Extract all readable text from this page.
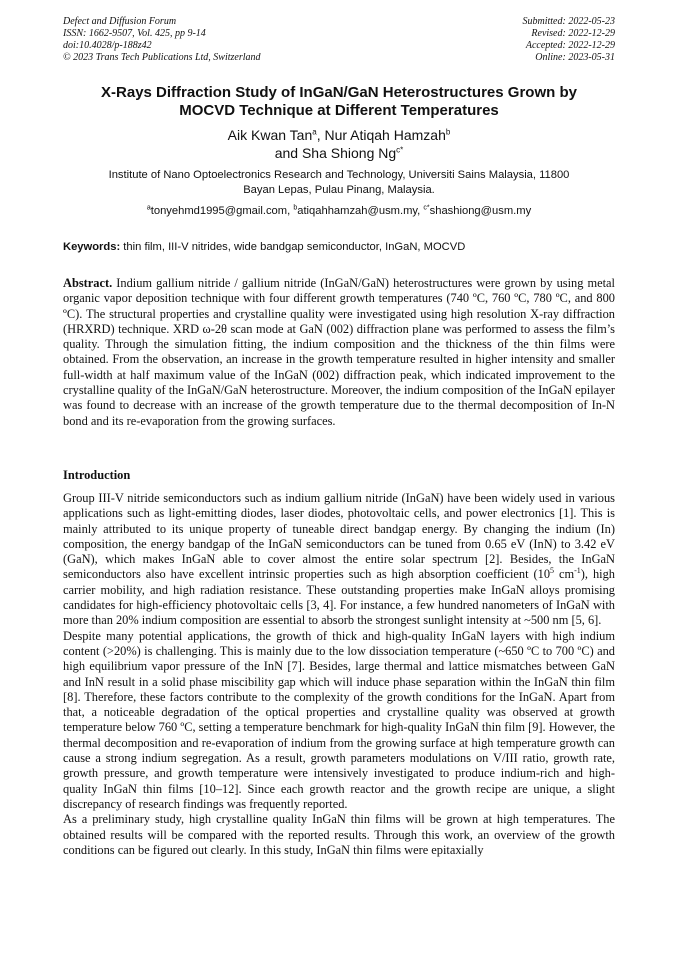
Defect and Diffusion Forum
ISSN: 1662-9507, Vol. 425, pp 9-14
doi:10.4028/p-188z42
© 2023 Trans Tech Publications Ltd, Switzerland
Submitted: 2022-05-23
Revised: 2022-12-29
Accepted: 2022-12-29
Online: 2023-05-31
X-Rays Diffraction Study of InGaN/GaN Heterostructures Grown by
MOCVD Technique at Different Temperatures
Aik Kwan Tan$^a$, Nur Atiqah Hamzah$^b$
and Sha Shiong $Ng^{c*}$
Institute of Nano Optoelectronics Research and Technology, Universiti Sains Malaysia, 11800
Bayan Lepas, Pulau Pinang, Malaysia.
$^a$tonyehmd1995@gmail.com, $^b$atiqahhamzah@usm.my, $^{c*}$shashiong@usm.my
Keywords: thin film, III-V nitrides, wide bandgap semiconductor, InGaN, MOCVD

Abstract. Indium gallium nitride / gallium nitride (InGaN/GaN) heterostructures were grown by using metal organic vapor deposition technique with four different growth temperatures (740 ºC, 760 ºC, 780 ºC, and 800 ºC). The structural properties and crystalline quality were investigated using high resolution X-ray diffraction (HRXRD) technique. XRD ω-2θ scan mode at GaN (002) diffraction plane was performed to assess the film’s quality. Through the simulation fitting, the indium composition and the thickness of the thin films were obtained. From the observation, an increase in the growth temperature resulted in higher intensity and smaller full-width at half maximum value of the InGaN (002) diffraction peak, which indicated improvement to the crystalline quality of the InGaN/GaN heterostructure. Moreover, the indium composition of the InGaN epilayer was found to decrease with an increase of the growth temperature due to the thermal decomposition of In-N bond and its re-evaporation from the growing surfaces.

Introduction

Group III-V nitride semiconductors such as indium gallium nitride (InGaN) have been widely used in various applications such as light-emitting diodes, laser diodes, photovoltaic cells, and power electronics [1]. This is mainly attributed to its unique property of tuneable direct bandgap energy. By changing the indium (In) composition, the energy bandgap of the InGaN semiconductors can be tuned from 0.65 eV (InN) to 3.42 eV (GaN), which makes InGaN able to cover almost the entire solar spectrum [2]. Besides, the InGaN semiconductors also have excellent intrinsic properties such as high absorption coefficient ($10^5$ $cm^{-1}$), high carrier mobility, and high radiation resistance. These outstanding properties make InGaN alloys promising candidates for high-efficiency photovoltaic cells [3, 4]. For instance, a few hundred nanometers of InGaN with more than 20% indium composition are essential to absorb the strongest sunlight intensity at ~500 nm [5, 6].

Despite many potential applications, the growth of thick and high-quality InGaN layers with high indium content (>20%) is challenging. This is mainly due to the low dissociation temperature (~650 ºC to 700 ºC) and high equilibrium vapor pressure of the InN [7]. Besides, large thermal and lattice mismatches between GaN and InN result in a solid phase miscibility gap which will induce phase separation within the InGaN thin film [8]. Therefore, these factors contribute to the complexity of the growth conditions for the InGaN. Apart from that, a noticeable degradation of the optical properties and crystalline quality was observed at growth temperature below 760 ºC, setting a temperature benchmark for high-quality InGaN thin film [9]. However, the thermal decomposition and re-evaporation of indium from the growing surface at high temperature growth can cause a strong indium segregation. As a result, growth parameters modulations on V/III ratio, growth rate, growth pressure, and growth temperature were intensively investigated to produce indium-rich and high-quality InGaN thin films [10–12]. Since each growth reactor and the growth recipe are unique, a slight discrepancy of research findings was frequently reported.

As a preliminary study, high crystalline quality InGaN thin films will be grown at high temperatures. The obtained results will be compared with the reported results. Through this work, an overview of the growth conditions can be figured out clearly. In this study, InGaN thin films were epitaxially
